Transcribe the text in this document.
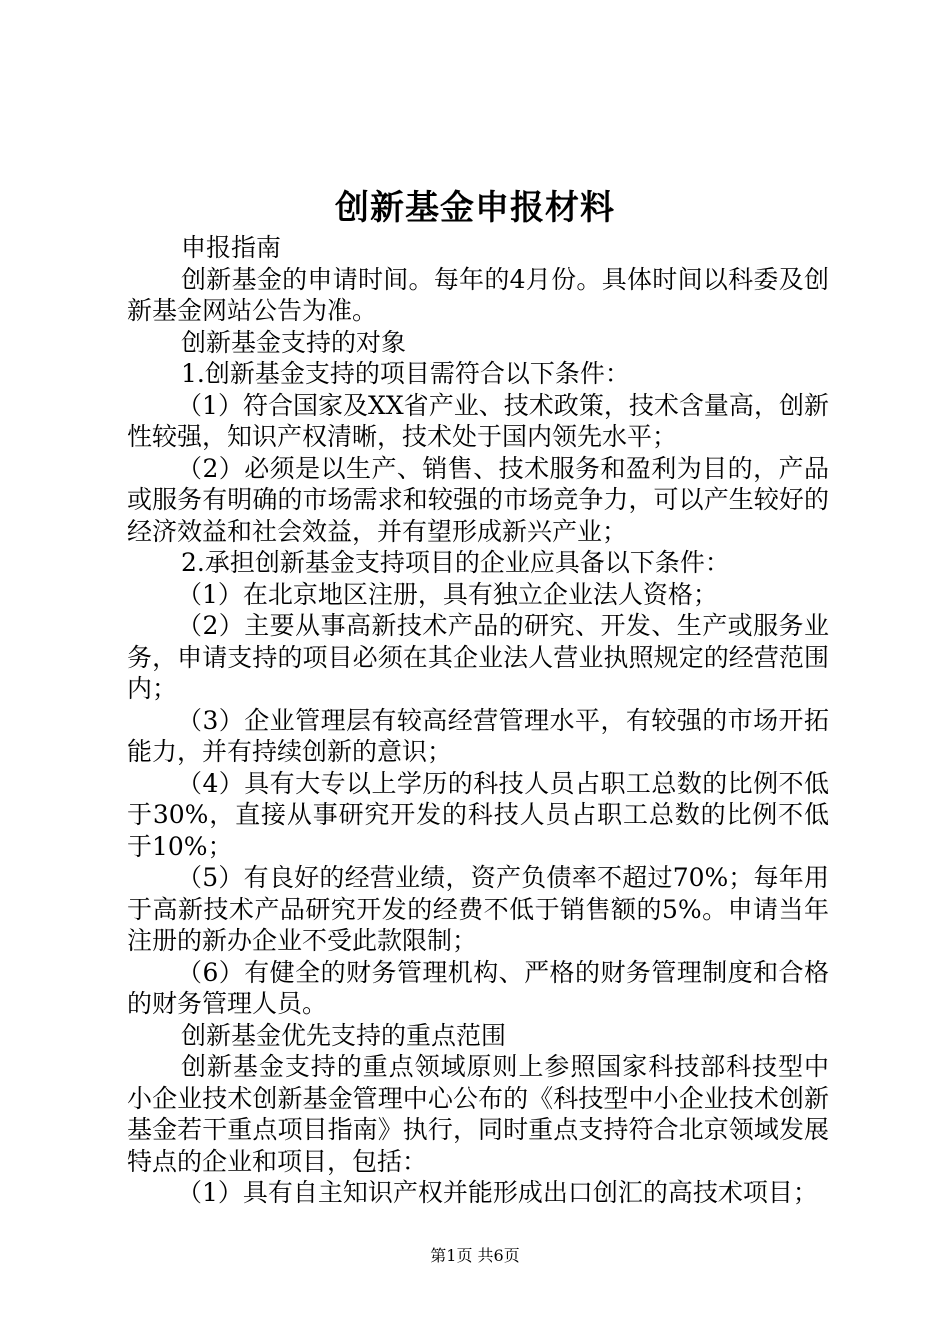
创新基金申报材料

申报指南

创新基金的申请时间。每年的4月份。具体时间以科委及创新基金网站公告为准。

创新基金支持的对象

1.创新基金支持的项目需符合以下条件：

（1）符合国家及XX省产业、技术政策，技术含量高，创新性较强，知识产权清晰，技术处于国内领先水平；

（2）必须是以生产、销售、技术服务和盈利为目的，产品或服务有明确的市场需求和较强的市场竞争力，可以产生较好的经济效益和社会效益，并有望形成新兴产业；

2.承担创新基金支持项目的企业应具备以下条件：

（1）在北京地区注册，具有独立企业法人资格；

（2）主要从事高新技术产品的研究、开发、生产或服务业务，申请支持的项目必须在其企业法人营业执照规定的经营范围内；

（3）企业管理层有较高经营管理水平，有较强的市场开拓能力，并有持续创新的意识；

（4）具有大专以上学历的科技人员占职工总数的比例不低于30%，直接从事研究开发的科技人员占职工总数的比例不低于10%；

（5）有良好的经营业绩，资产负债率不超过70%；每年用于高新技术产品研究开发的经费不低于销售额的5%。申请当年注册的新办企业不受此款限制；

（6）有健全的财务管理机构、严格的财务管理制度和合格的财务管理人员。

创新基金优先支持的重点范围

创新基金支持的重点领域原则上参照国家科技部科技型中小企业技术创新基金管理中心公布的《科技型中小企业技术创新基金若干重点项目指南》执行，同时重点支持符合北京领域发展特点的企业和项目，包括：

（1）具有自主知识产权并能形成出口创汇的高技术项目；

第1页 共6页
